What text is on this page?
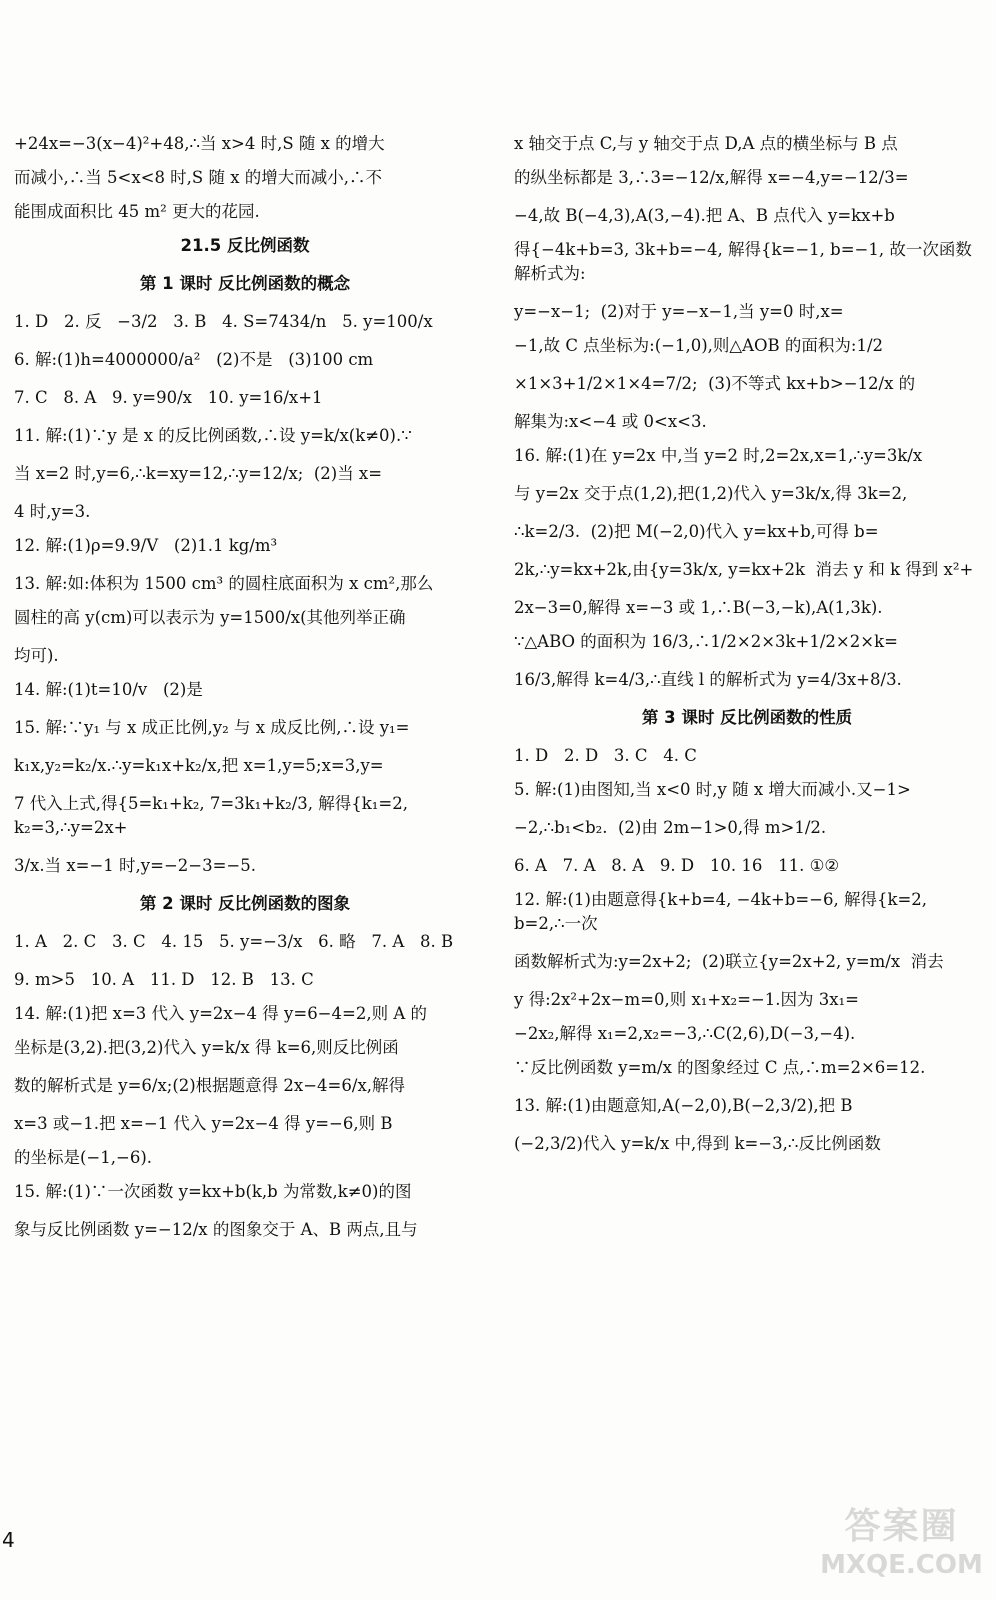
+24x=−3(x−4)²+48,∴当 x>4 时,S 随 x 的增大
而减小,∴当 5<x<8 时,S 随 x 的增大而减小,∴不
能围成面积比 45 m² 更大的花园.
21.5 反比例函数
第 1 课时 反比例函数的概念
1. D   2. 反   −3/2   3. B   4. S=7434/n   5. y=100/x
6. 解:(1)h=4000000/a²   (2)不是   (3)100 cm
7. C   8. A   9. y=90/x   10. y=16/x+1
11. 解:(1)∵y 是 x 的反比例函数,∴设 y=k/x(k≠0).∵
当 x=2 时,y=6,∴k=xy=12,∴y=12/x;  (2)当 x=
4 时,y=3.
12. 解:(1)ρ=9.9/V   (2)1.1 kg/m³
13. 解:如:体积为 1500 cm³ 的圆柱底面积为 x cm²,那么
圆柱的高 y(cm)可以表示为 y=1500/x(其他列举正确
均可).
14. 解:(1)t=10/v   (2)是
15. 解:∵y₁ 与 x 成正比例,y₂ 与 x 成反比例,∴设 y₁=
k₁x,y₂=k₂/x.∴y=k₁x+k₂/x,把 x=1,y=5;x=3,y=
7 代入上式,得{5=k₁+k₂, 7=3k₁+k₂/3, 解得{k₁=2, k₂=3,∴y=2x+
3/x.当 x=−1 时,y=−2−3=−5.
第 2 课时 反比例函数的图象
1. A   2. C   3. C   4. 15   5. y=−3/x   6. 略   7. A   8. B
9. m>5   10. A   11. D   12. B   13. C
14. 解:(1)把 x=3 代入 y=2x−4 得 y=6−4=2,则 A 的
坐标是(3,2).把(3,2)代入 y=k/x 得 k=6,则反比例函
数的解析式是 y=6/x;(2)根据题意得 2x−4=6/x,解得
x=3 或−1.把 x=−1 代入 y=2x−4 得 y=−6,则 B
的坐标是(−1,−6).
15. 解:(1)∵一次函数 y=kx+b(k,b 为常数,k≠0)的图
象与反比例函数 y=−12/x 的图象交于 A、B 两点,且与
x 轴交于点 C,与 y 轴交于点 D,A 点的横坐标与 B 点
的纵坐标都是 3,∴3=−12/x,解得 x=−4,y=−12/3=
−4,故 B(−4,3),A(3,−4).把 A、B 点代入 y=kx+b
得{−4k+b=3, 3k+b=−4, 解得{k=−1, b=−1, 故一次函数解析式为:
y=−x−1;  (2)对于 y=−x−1,当 y=0 时,x=
−1,故 C 点坐标为:(−1,0),则△AOB 的面积为:1/2
×1×3+1/2×1×4=7/2;  (3)不等式 kx+b>−12/x 的
解集为:x<−4 或 0<x<3.
16. 解:(1)在 y=2x 中,当 y=2 时,2=2x,x=1,∴y=3k/x
与 y=2x 交于点(1,2),把(1,2)代入 y=3k/x,得 3k=2,
∴k=2/3.  (2)把 M(−2,0)代入 y=kx+b,可得 b=
2k,∴y=kx+2k,由{y=3k/x, y=kx+2k  消去 y 和 k 得到 x²+
2x−3=0,解得 x=−3 或 1,∴B(−3,−k),A(1,3k).
∵△ABO 的面积为 16/3,∴1/2×2×3k+1/2×2×k=
16/3,解得 k=4/3,∴直线 l 的解析式为 y=4/3x+8/3.
第 3 课时 反比例函数的性质
1. D   2. D   3. C   4. C
5. 解:(1)由图知,当 x<0 时,y 随 x 增大而减小.又−1>
−2,∴b₁<b₂.  (2)由 2m−1>0,得 m>1/2.
6. A   7. A   8. A   9. D   10. 16   11. ①②
12. 解:(1)由题意得{k+b=4, −4k+b=−6, 解得{k=2, b=2,∴一次
函数解析式为:y=2x+2;  (2)联立{y=2x+2, y=m/x  消去
y 得:2x²+2x−m=0,则 x₁+x₂=−1.因为 3x₁=
−2x₂,解得 x₁=2,x₂=−3,∴C(2,6),D(−3,−4).
∵反比例函数 y=m/x 的图象经过 C 点,∴m=2×6=12.
13. 解:(1)由题意知,A(−2,0),B(−2,3/2),把 B
(−2,3/2)代入 y=k/x 中,得到 k=−3,∴反比例函数
4	答案圈
MXQE.COM
